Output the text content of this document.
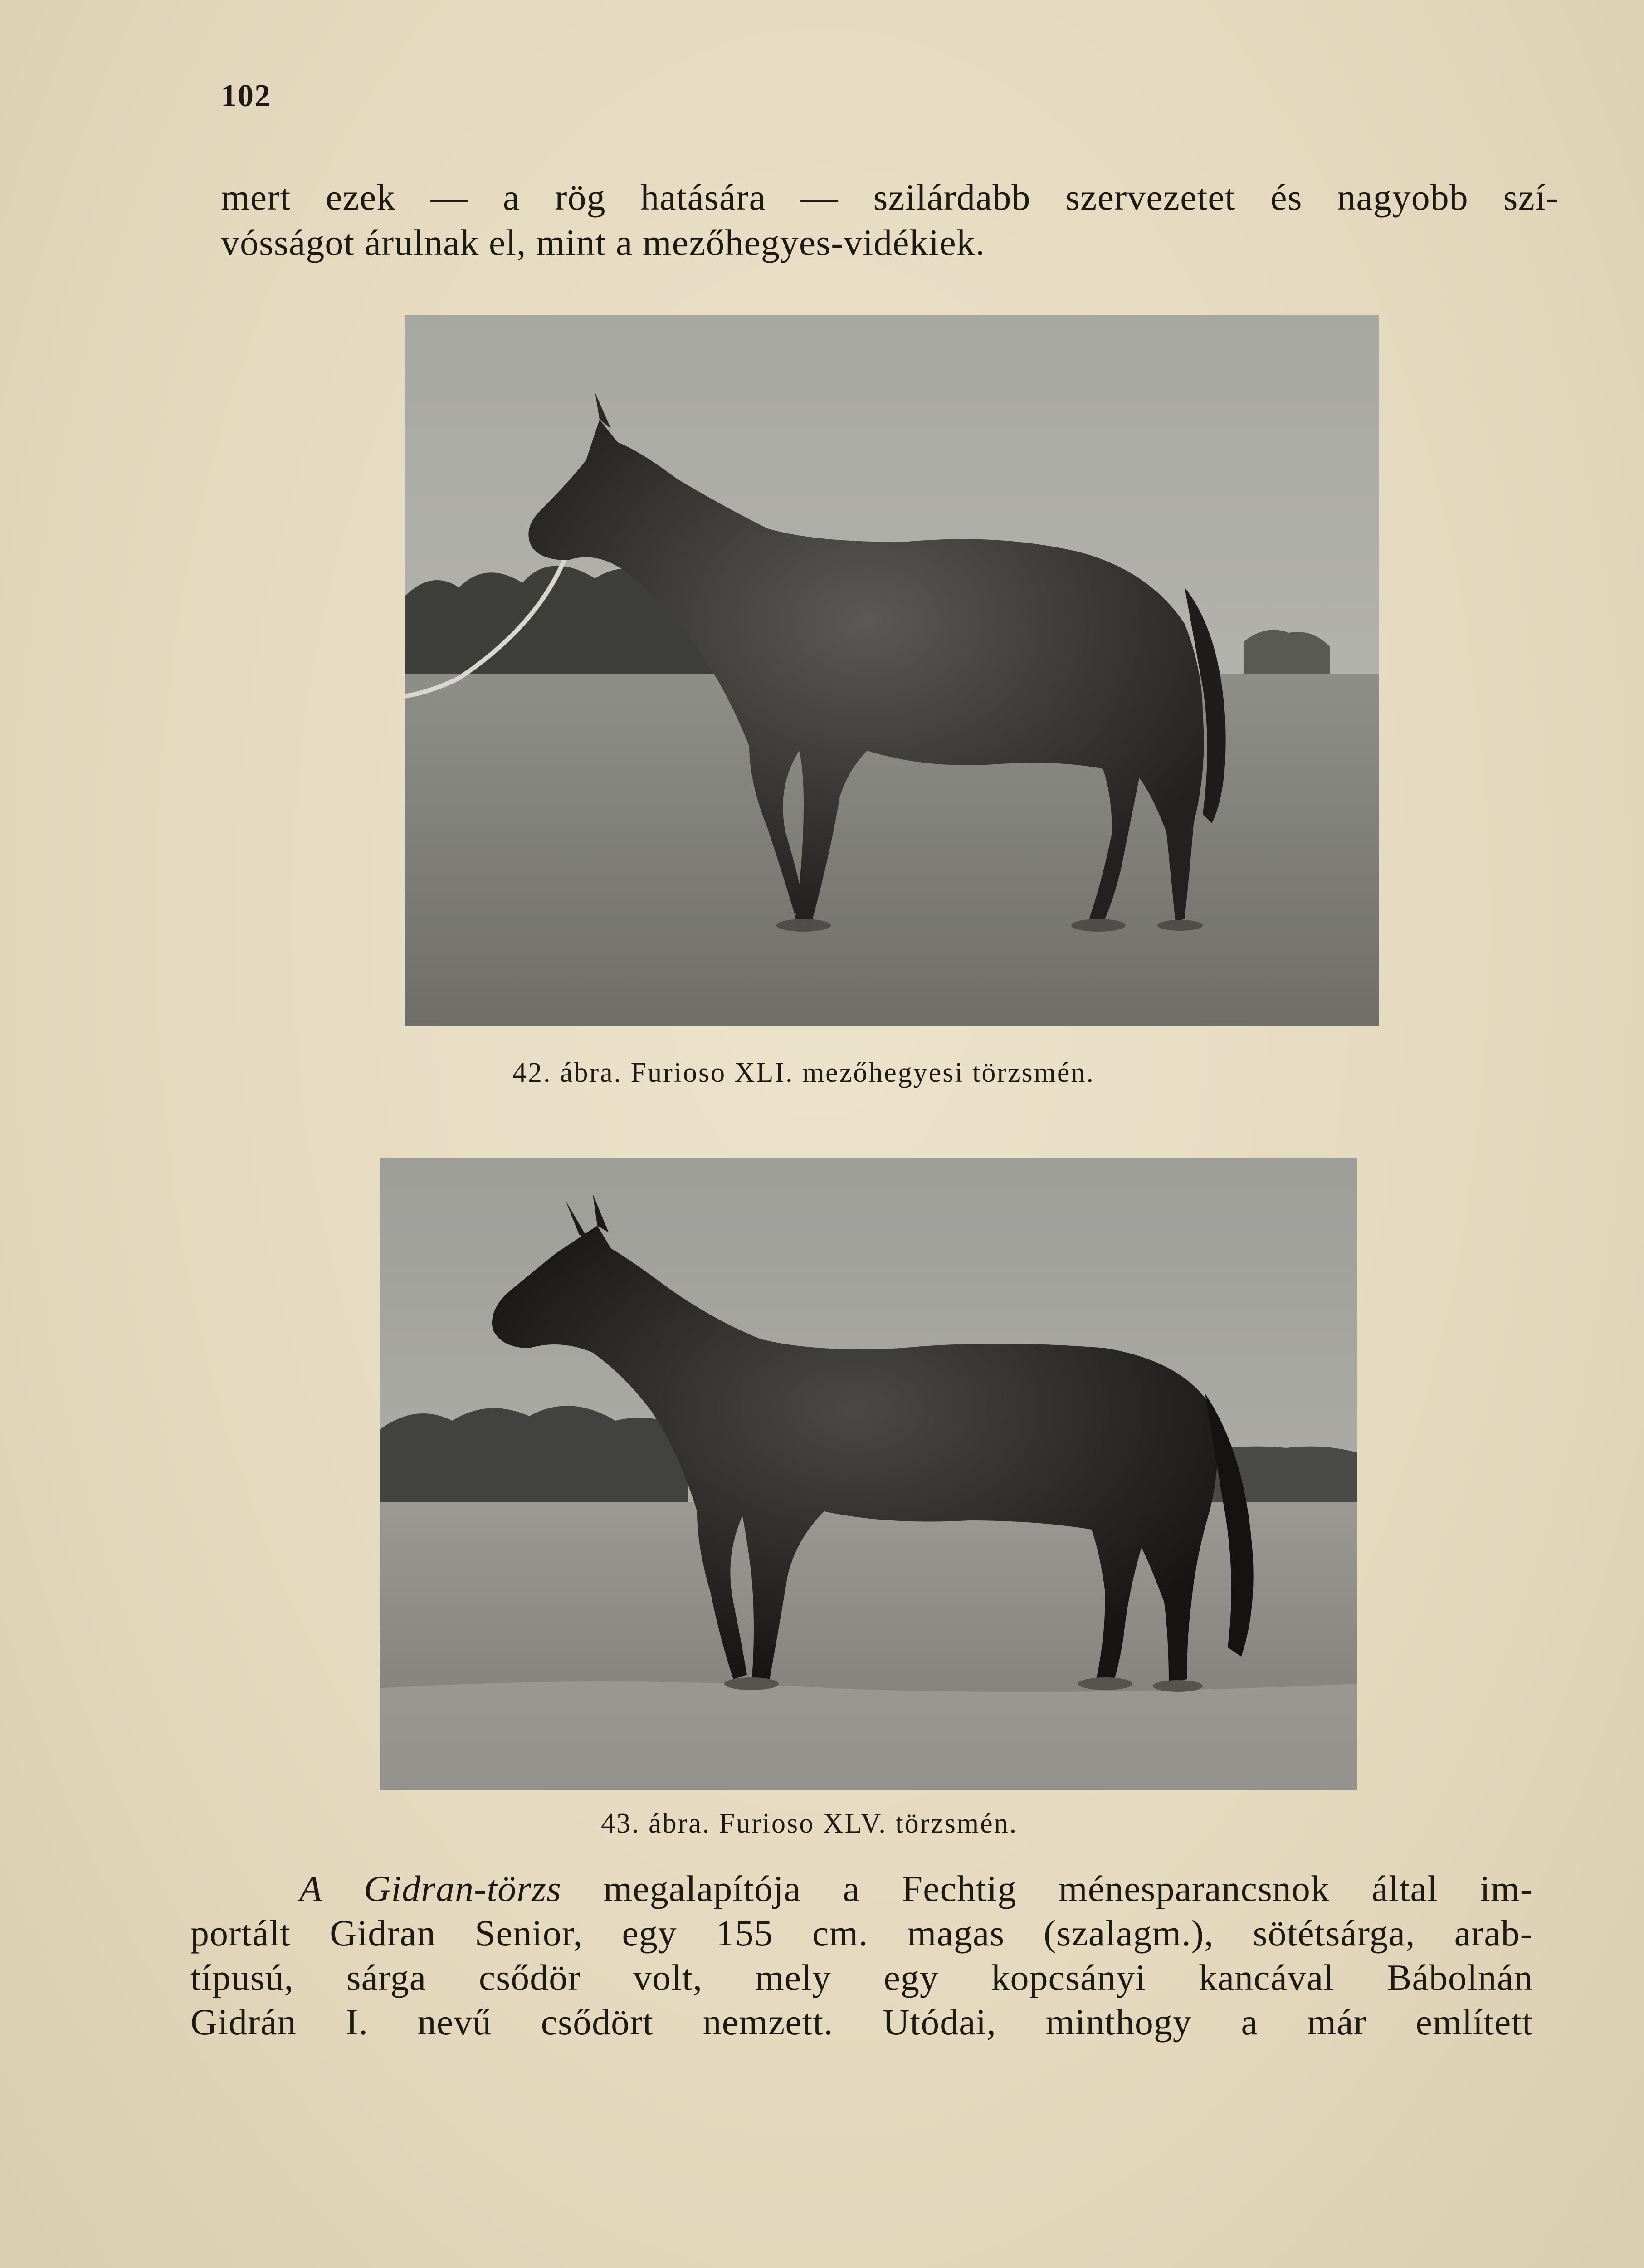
102
mert ezek — a rög hatására — szilárdabb szervezetet és nagyobb szí-
vósságot árulnak el, mint a mezőhegyes-vidékiek.
42. ábra. Furioso XLI. mezőhegyesi törzsmén.
43. ábra. Furioso XLV. törzsmén.
A Gidran-törzs megalapítója a Fechtig ménesparancsnok által im-
portált Gidran Senior, egy 155 cm. magas (szalagm.), sötétsárga, arab-
típusú, sárga csődör volt, mely egy kopcsányi kancával Bábolnán
Gidrán I. nevű csődört nemzett. Utódai, minthogy a már említett
